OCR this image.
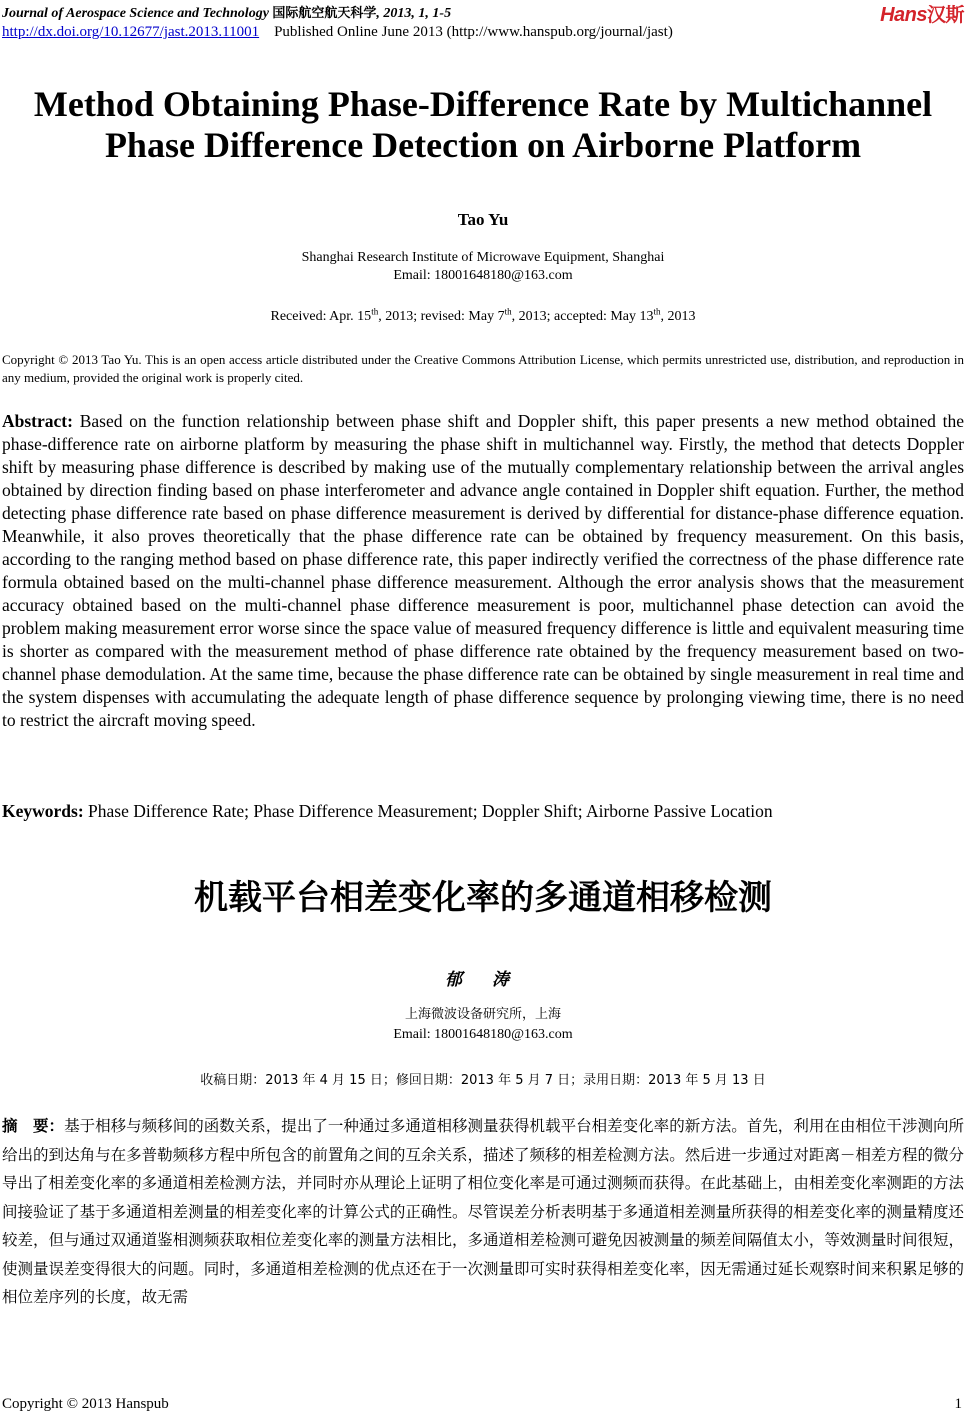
Journal of Aerospace Science and Technology 国际航空航天科学, 2013, 1, 1-5	Hans汉斯
http://dx.doi.org/10.12677/jast.2013.11001 Published Online June 2013 (http://www.hanspub.org/journal/jast)
Method Obtaining Phase-Difference Rate by Multichannel Phase Difference Detection on Airborne Platform
Tao Yu
Shanghai Research Institute of Microwave Equipment, Shanghai
Email: 18001648180@163.com
Received: Apr. 15th, 2013; revised: May 7th, 2013; accepted: May 13th, 2013
Copyright © 2013 Tao Yu. This is an open access article distributed under the Creative Commons Attribution License, which permits unrestricted use, distribution, and reproduction in any medium, provided the original work is properly cited.
Abstract: Based on the function relationship between phase shift and Doppler shift, this paper presents a new method obtained the phase-difference rate on airborne platform by measuring the phase shift in multichannel way. Firstly, the method that detects Doppler shift by measuring phase difference is described by making use of the mutually complementary relationship between the arrival angles obtained by direction finding based on phase interferometer and advance angle contained in Doppler shift equation. Further, the method detecting phase difference rate based on phase difference measurement is derived by differential for distance-phase difference equation. Meanwhile, it also proves theoretically that the phase difference rate can be obtained by frequency measurement. On this basis, according to the ranging method based on phase difference rate, this paper indirectly verified the correctness of the phase difference rate formula obtained based on the multi-channel phase difference measurement. Although the error analysis shows that the measurement accuracy obtained based on the multi-channel phase difference measurement is poor, multichannel phase detection can avoid the problem making measurement error worse since the space value of measured frequency difference is little and equivalent measuring time is shorter as compared with the measurement method of phase difference rate obtained by the frequency measurement based on two-channel phase demodulation. At the same time, because the phase difference rate can be obtained by single measurement in real time and the system dispenses with accumulating the adequate length of phase difference sequence by prolonging viewing time, there is no need to restrict the aircraft moving speed.
Keywords: Phase Difference Rate; Phase Difference Measurement; Doppler Shift; Airborne Passive Location
机载平台相差变化率的多通道相移检测
郁 涛
上海微波设备研究所，上海
Email: 18001648180@163.com
收稿日期：2013 年 4 月 15 日；修回日期：2013 年 5 月 7 日；录用日期：2013 年 5 月 13 日
摘　要：基于相移与频移间的函数关系，提出了一种通过多通道相移测量获得机载平台相差变化率的新方法。首先，利用在由相位干涉测向所给出的到达角与在多普勒频移方程中所包含的前置角之间的互余关系，描述了频移的相差检测方法。然后进一步通过对距离－相差方程的微分导出了相差变化率的多通道相差检测方法，并同时亦从理论上证明了相位变化率是可通过测频而获得。在此基础上，由相差变化率测距的方法间接验证了基于多通道相差测量的相差变化率的计算公式的正确性。尽管误差分析表明基于多通道相差测量所获得的相差变化率的测量精度还较差，但与通过双通道鉴相测频获取相位差变化率的测量方法相比，多通道相差检测可避免因被测量的频差间隔值太小，等效测量时间很短，使测量误差变得很大的问题。同时，多通道相差检测的优点还在于一次测量即可实时获得相差变化率，因无需通过延长观察时间来积累足够的相位差序列的长度，故无需
Copyright © 2013 Hanspub	1
